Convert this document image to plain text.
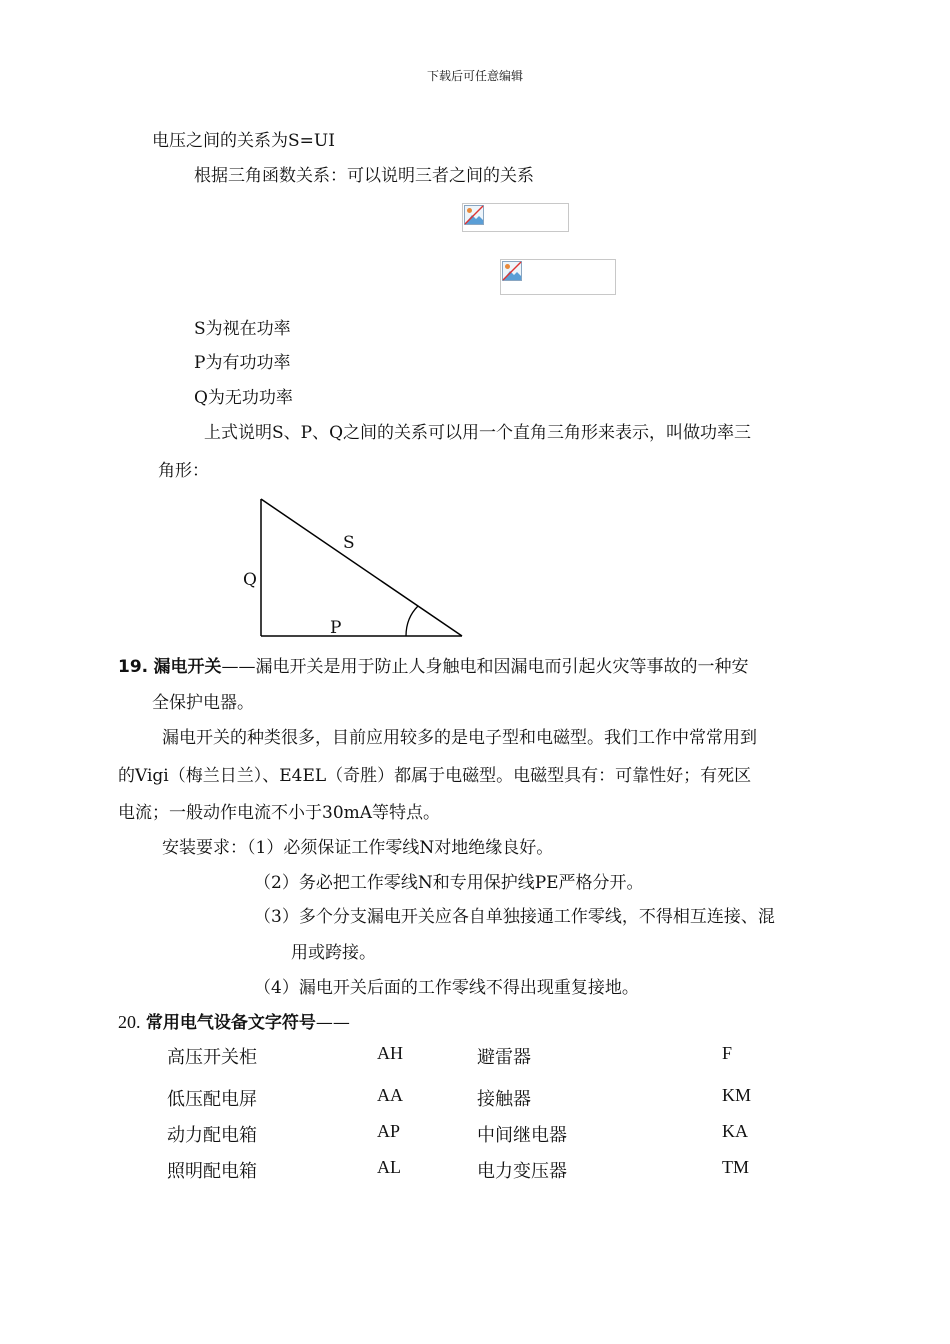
下载后可任意编辑
电压之间的关系为S=UI
根据三角函数关系：可以说明三者之间的关系
S为视在功率
P为有功功率
Q为无功功率
上式说明S、P、Q之间的关系可以用一个直角三角形来表示，叫做功率三
角形：
S
Q
P
19. 漏电开关——漏电开关是用于防止人身触电和因漏电而引起火灾等事故的一种安
全保护电器。
漏电开关的种类很多，目前应用较多的是电子型和电磁型。我们工作中常常用到
的Vigi（梅兰日兰）、E4EL（奇胜）都属于电磁型。电磁型具有：可靠性好；有死区
电流；一般动作电流不小于30mA等特点。
安装要求：（1）必须保证工作零线N对地绝缘良好。
（2）务必把工作零线N和专用保护线PE严格分开。
（3）多个分支漏电开关应各自单独接通工作零线，不得相互连接、混
用或跨接。
（4）漏电开关后面的工作零线不得出现重复接地。
20. 常用电气设备文字符号——
高压开关柜	AH	避雷器	F
低压配电屏	AA	接触器	KM
动力配电箱	AP	中间继电器	KA
照明配电箱	AL	电力变压器	TM
